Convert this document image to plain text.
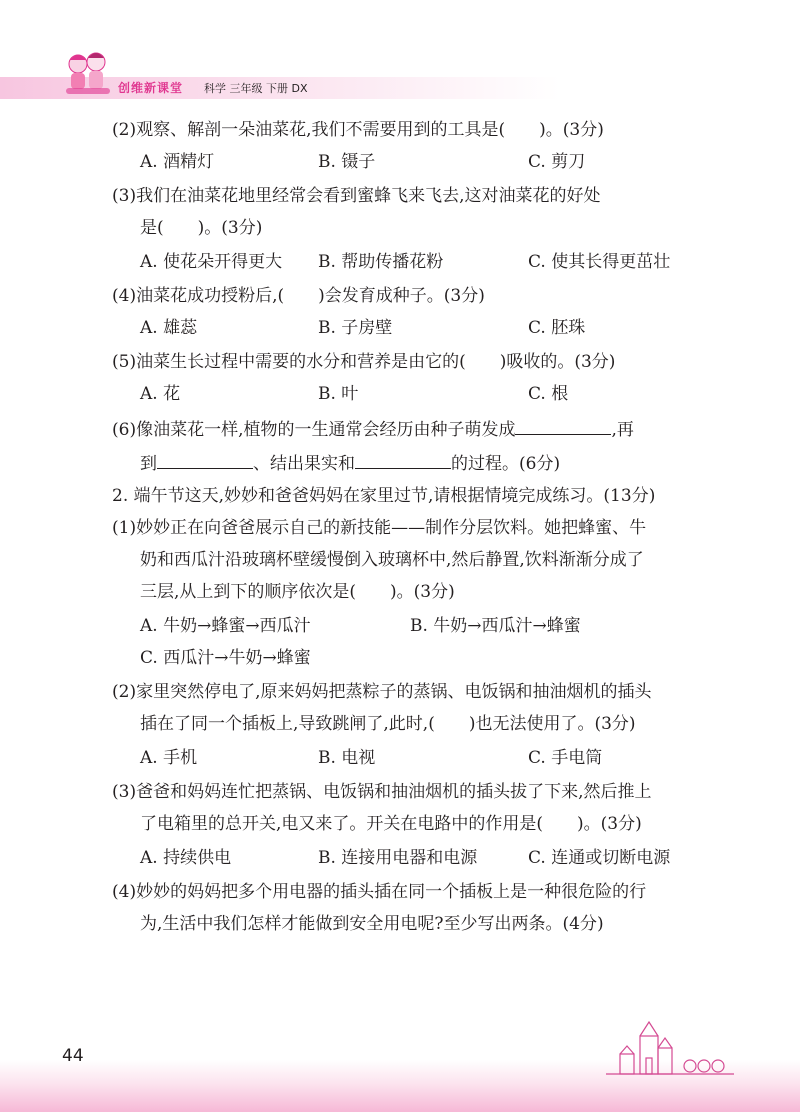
创维新课堂 科学 三年级 下册 DX
(2)观察、解剖一朵油菜花,我们不需要用到的工具是(　　)。(3分)
A. 酒精灯	B. 镊子	C. 剪刀
(3)我们在油菜花地里经常会看到蜜蜂飞来飞去,这对油菜花的好处
是(　　)。(3分)
A. 使花朵开得更大 B. 帮助传播花粉	C. 使其长得更茁壮
(4)油菜花成功授粉后,(　　)会发育成种子。(3分)
A. 雄蕊	B. 子房壁	C. 胚珠
(5)油菜生长过程中需要的水分和营养是由它的(　　)吸收的。(3分)
A. 花	B. 叶	C. 根
(6)像油菜花一样,植物的一生通常会经历由种子萌发成	,再
到	、结出果实和	的过程。(6分)
2. 端午节这天,妙妙和爸爸妈妈在家里过节,请根据情境完成练习。(13分)
(1)妙妙正在向爸爸展示自己的新技能——制作分层饮料。她把蜂蜜、牛
奶和西瓜汁沿玻璃杯壁缓慢倒入玻璃杯中,然后静置,饮料渐渐分成了
三层,从上到下的顺序依次是(　　)。(3分)
A. 牛奶→蜂蜜→西瓜汁	B. 牛奶→西瓜汁→蜂蜜
C. 西瓜汁→牛奶→蜂蜜
(2)家里突然停电了,原来妈妈把蒸粽子的蒸锅、电饭锅和抽油烟机的插头
插在了同一个插板上,导致跳闸了,此时,(　　)也无法使用了。(3分)
A. 手机	B. 电视	C. 手电筒
(3)爸爸和妈妈连忙把蒸锅、电饭锅和抽油烟机的插头拔了下来,然后推上
了电箱里的总开关,电又来了。开关在电路中的作用是(　　)。(3分)
A. 持续供电	B. 连接用电器和电源	C. 连通或切断电源
(4)妙妙的妈妈把多个用电器的插头插在同一个插板上是一种很危险的行
为,生活中我们怎样才能做到安全用电呢?至少写出两条。(4分)
44
